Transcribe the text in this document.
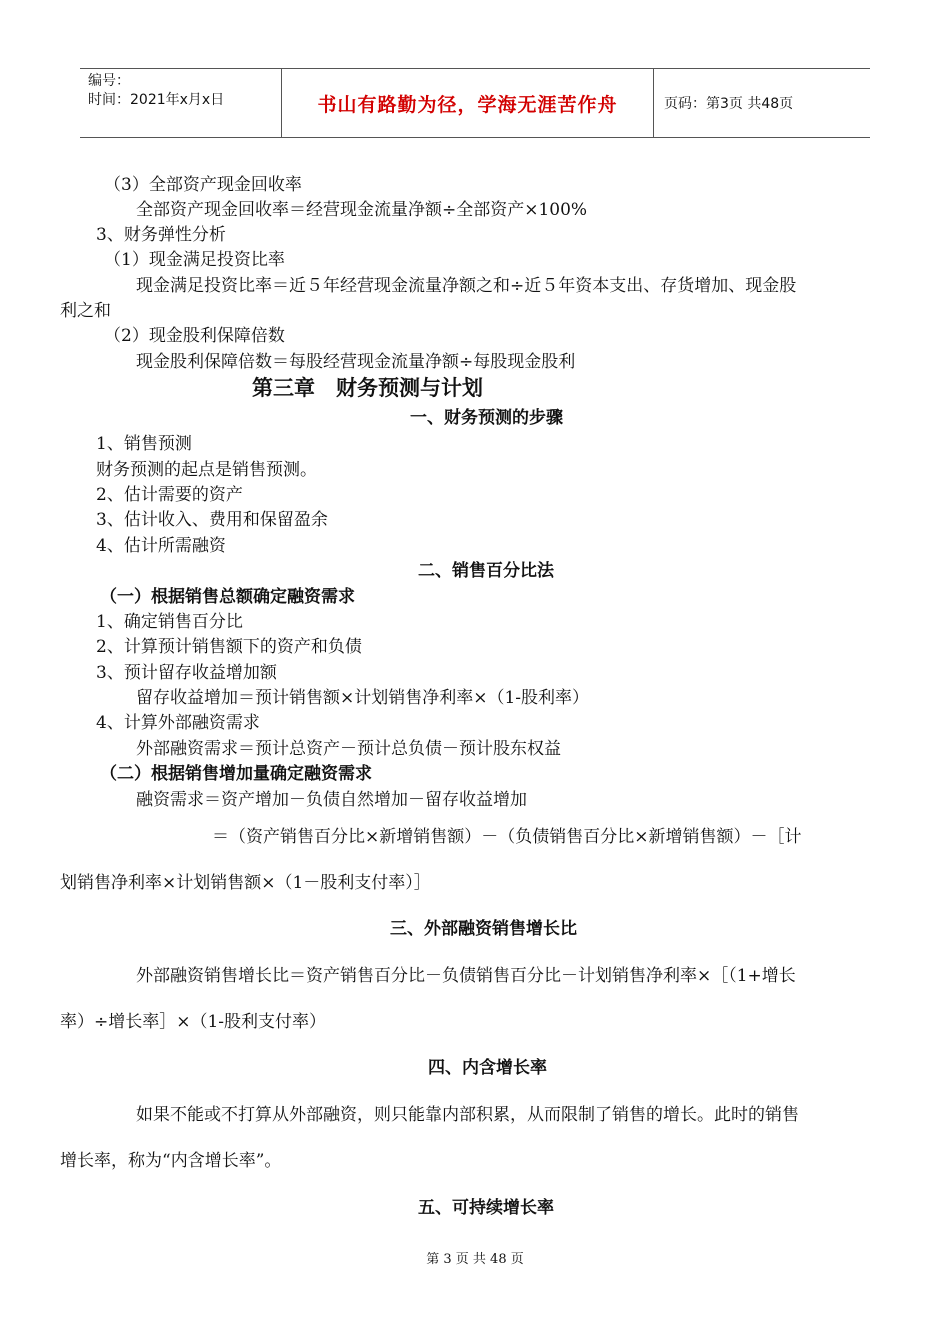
编号：
时间：2021年x月x日	书山有路勤为径，学海无涯苦作舟	页码：第3页 共48页
（3）全部资产现金回收率
全部资产现金回收率＝经营现金流量净额÷全部资产×100%
3、财务弹性分析
（1）现金满足投资比率
现金满足投资比率＝近５年经营现金流量净额之和÷近５年资本支出、存货增加、现金股
利之和
（2）现金股利保障倍数
现金股利保障倍数＝每股经营现金流量净额÷每股现金股利
第三章　财务预测与计划
一、财务预测的步骤
1、销售预测
财务预测的起点是销售预测。
2、估计需要的资产
3、估计收入、费用和保留盈余
4、估计所需融资
二、销售百分比法
（一）根据销售总额确定融资需求
1、确定销售百分比
2、计算预计销售额下的资产和负债
3、预计留存收益增加额
留存收益增加＝预计销售额×计划销售净利率×（1-股利率）
4、计算外部融资需求
外部融资需求＝预计总资产－预计总负债－预计股东权益
（二）根据销售增加量确定融资需求
融资需求＝资产增加－负债自然增加－留存收益增加
＝（资产销售百分比×新增销售额）－（负债销售百分比×新增销售额）－［计
划销售净利率×计划销售额×（1－股利支付率）］
三、外部融资销售增长比
外部融资销售增长比＝资产销售百分比－负债销售百分比－计划销售净利率×［（1+增长
率）÷增长率］×（1-股利支付率）
四、内含增长率
如果不能或不打算从外部融资，则只能靠内部积累，从而限制了销售的增长。此时的销售
增长率，称为“内含增长率”。
五、可持续增长率
第 3 页 共 48 页
